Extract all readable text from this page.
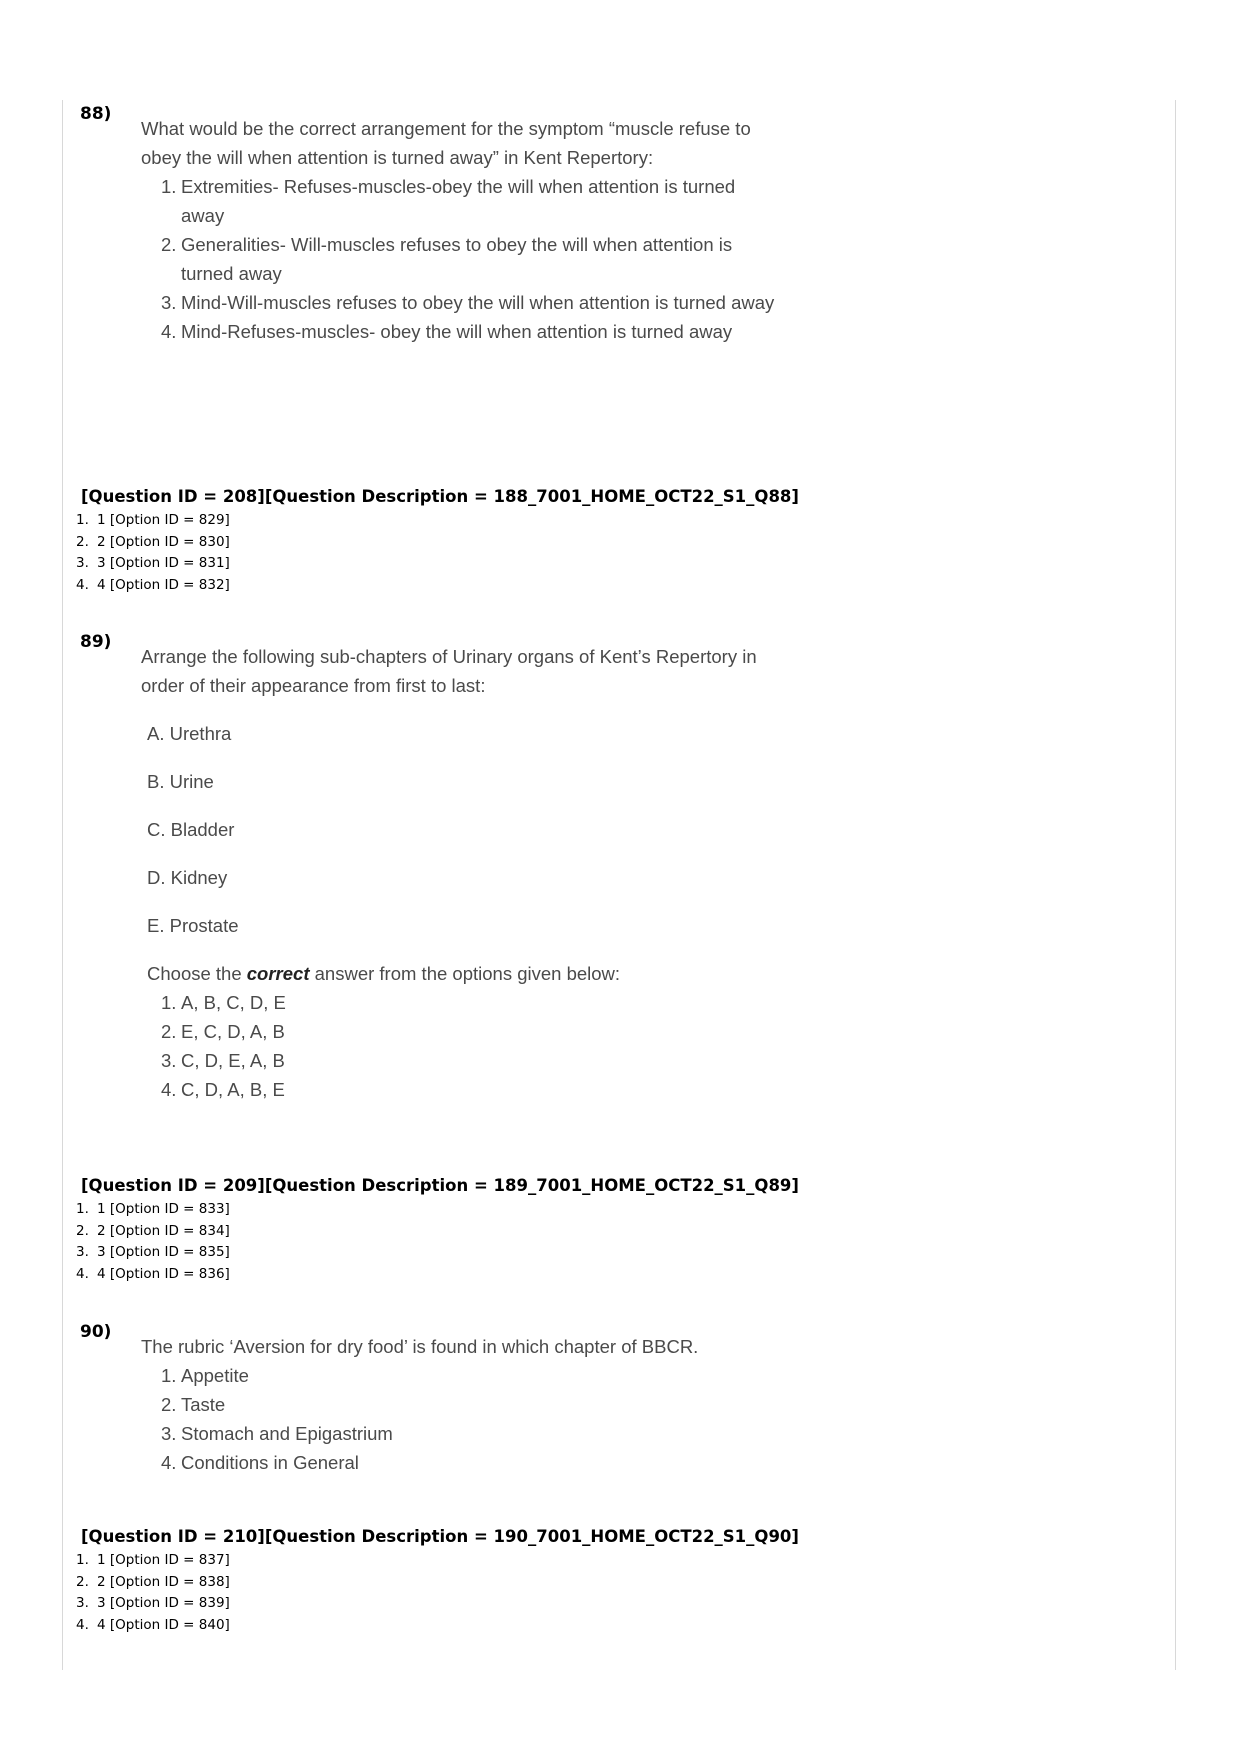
88)

What would be the correct arrangement for the symptom “muscle refuse to obey the will when attention is turned away” in Kent Repertory:

1. Extremities- Refuses-muscles-obey the will when attention is turned away
2. Generalities- Will-muscles refuses to obey the will when attention is turned away
3. Mind-Will-muscles refuses to obey the will when attention is turned away
4. Mind-Refuses-muscles- obey the will when attention is turned away
[Question ID = 208][Question Description = 188_7001_HOME_OCT22_S1_Q88]
1. 1 [Option ID = 829]
2. 2 [Option ID = 830]
3. 3 [Option ID = 831]
4. 4 [Option ID = 832]
89)

Arrange the following sub-chapters of Urinary organs of Kent’s Repertory in order of their appearance from first to last:

A. Urethra
B. Urine
C. Bladder
D. Kidney
E. Prostate
Choose the correct answer from the options given below:
1. A, B, C, D, E
2. E, C, D, A, B
3. C, D, E, A, B
4. C, D, A, B, E
[Question ID = 209][Question Description = 189_7001_HOME_OCT22_S1_Q89]
1. 1 [Option ID = 833]
2. 2 [Option ID = 834]
3. 3 [Option ID = 835]
4. 4 [Option ID = 836]
90)

The rubric ‘Aversion for dry food’ is found in which chapter of BBCR.

1. Appetite
2. Taste
3. Stomach and Epigastrium
4. Conditions in General
[Question ID = 210][Question Description = 190_7001_HOME_OCT22_S1_Q90]
1. 1 [Option ID = 837]
2. 2 [Option ID = 838]
3. 3 [Option ID = 839]
4. 4 [Option ID = 840]
